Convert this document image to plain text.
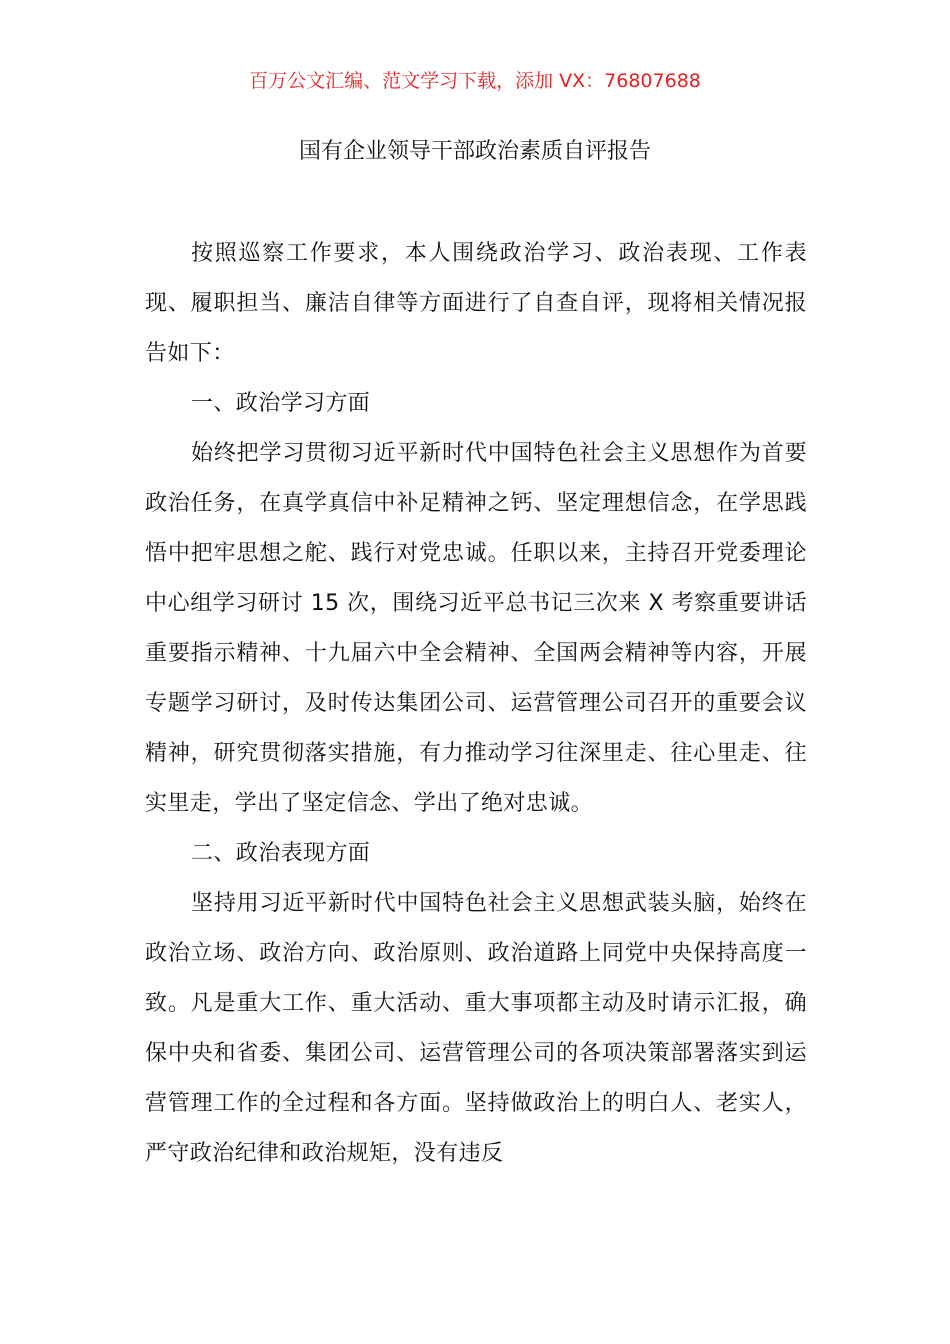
百万公文汇编、范文学习下载，添加 VX：76807688
国有企业领导干部政治素质自评报告

按照巡察工作要求，本人围绕政治学习、政治表现、工作表现、履职担当、廉洁自律等方面进行了自查自评，现将相关情况报告如下：

一、政治学习方面

始终把学习贯彻习近平新时代中国特色社会主义思想作为首要政治任务，在真学真信中补足精神之钙、坚定理想信念，在学思践悟中把牢思想之舵、践行对党忠诚。任职以来，主持召开党委理论中心组学习研讨 15 次，围绕习近平总书记三次来 X 考察重要讲话重要指示精神、十九届六中全会精神、全国两会精神等内容，开展专题学习研讨，及时传达集团公司、运营管理公司召开的重要会议精神，研究贯彻落实措施，有力推动学习往深里走、往心里走、往实里走，学出了坚定信念、学出了绝对忠诚。

二、政治表现方面

坚持用习近平新时代中国特色社会主义思想武装头脑，始终在政治立场、政治方向、政治原则、政治道路上同党中央保持高度一致。凡是重大工作、重大活动、重大事项都主动及时请示汇报，确保中央和省委、集团公司、运营管理公司的各项决策部署落实到运营管理工作的全过程和各方面。坚持做政治上的明白人、老实人，严守政治纪律和政治规矩，没有违反
